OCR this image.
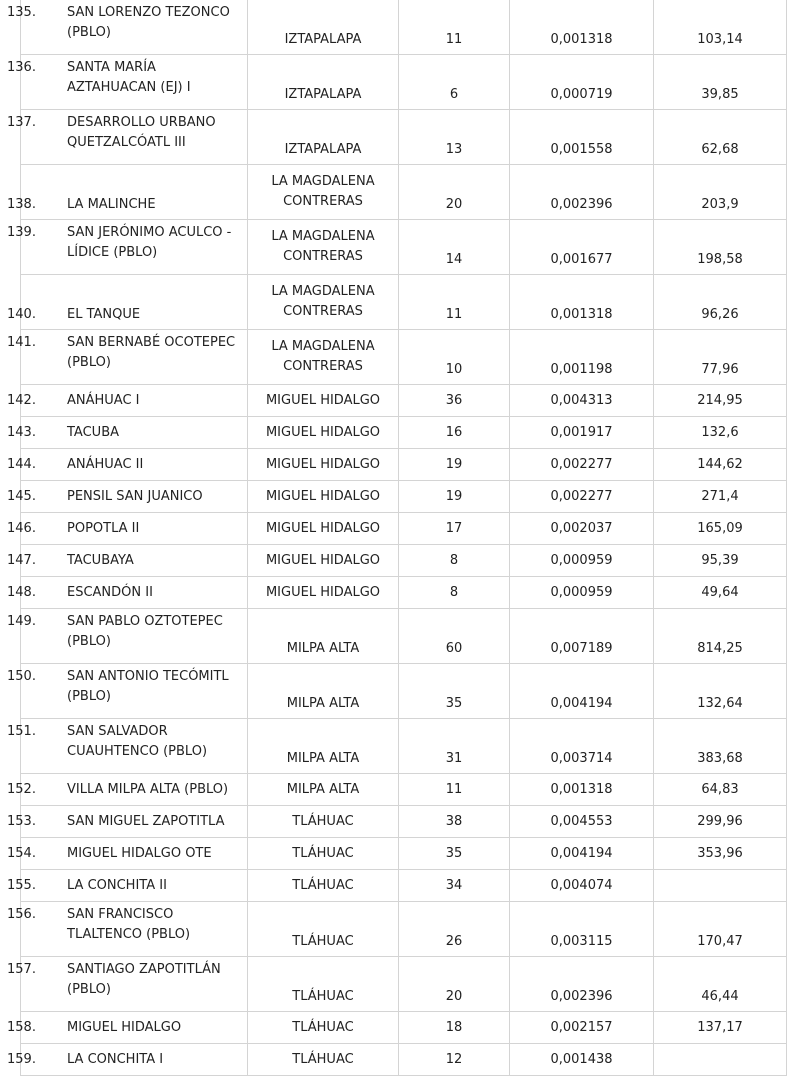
135. SAN LORENZO TEZONCO (PBLO)	IZTAPALAPA	11	0,001318	103,14

136. SANTA MARÍA AZTAHUACAN (EJ) I	IZTAPALAPA	6	0,000719	39,85

137. DESARROLLO URBANO QUETZALCÓATL III	IZTAPALAPA	13	0,001558	62,68

138. LA MALINCHE	LA MAGDALENA CONTRERAS	20	0,002396	203,9

139. SAN JERÓNIMO ACULCO - LÍDICE (PBLO)	LA MAGDALENA CONTRERAS	14	0,001677	198,58

140. EL TANQUE	LA MAGDALENA CONTRERAS	11	0,001318	96,26

141. SAN BERNABÉ OCOTEPEC (PBLO)	LA MAGDALENA CONTRERAS	10	0,001198	77,96

142. ANÁHUAC I	MIGUEL HIDALGO	36	0,004313	214,95

143. TACUBA	MIGUEL HIDALGO	16	0,001917	132,6

144. ANÁHUAC II	MIGUEL HIDALGO	19	0,002277	144,62

145. PENSIL SAN JUANICO	MIGUEL HIDALGO	19	0,002277	271,4

146. POPOTLA II	MIGUEL HIDALGO	17	0,002037	165,09

147. TACUBAYA	MIGUEL HIDALGO	8	0,000959	95,39

148. ESCANDÓN II	MIGUEL HIDALGO	8	0,000959	49,64

149. SAN PABLO OZTOTEPEC (PBLO)	MILPA ALTA	60	0,007189	814,25

150. SAN ANTONIO TECÓMITL (PBLO)	MILPA ALTA	35	0,004194	132,64

151. SAN SALVADOR CUAUHTENCO (PBLO)	MILPA ALTA	31	0,003714	383,68

152. VILLA MILPA ALTA (PBLO)	MILPA ALTA	11	0,001318	64,83

153. SAN MIGUEL ZAPOTITLA	TLÁHUAC	38	0,004553	299,96

154. MIGUEL HIDALGO OTE	TLÁHUAC	35	0,004194	353,96

155. LA CONCHITA II	TLÁHUAC	34	0,004074	

156. SAN FRANCISCO TLALTENCO (PBLO)	TLÁHUAC	26	0,003115	170,47

157. SANTIAGO ZAPOTITLÁN (PBLO)	TLÁHUAC	20	0,002396	46,44

158. MIGUEL HIDALGO	TLÁHUAC	18	0,002157	137,17

159. LA CONCHITA I	TLÁHUAC	12	0,001438	
